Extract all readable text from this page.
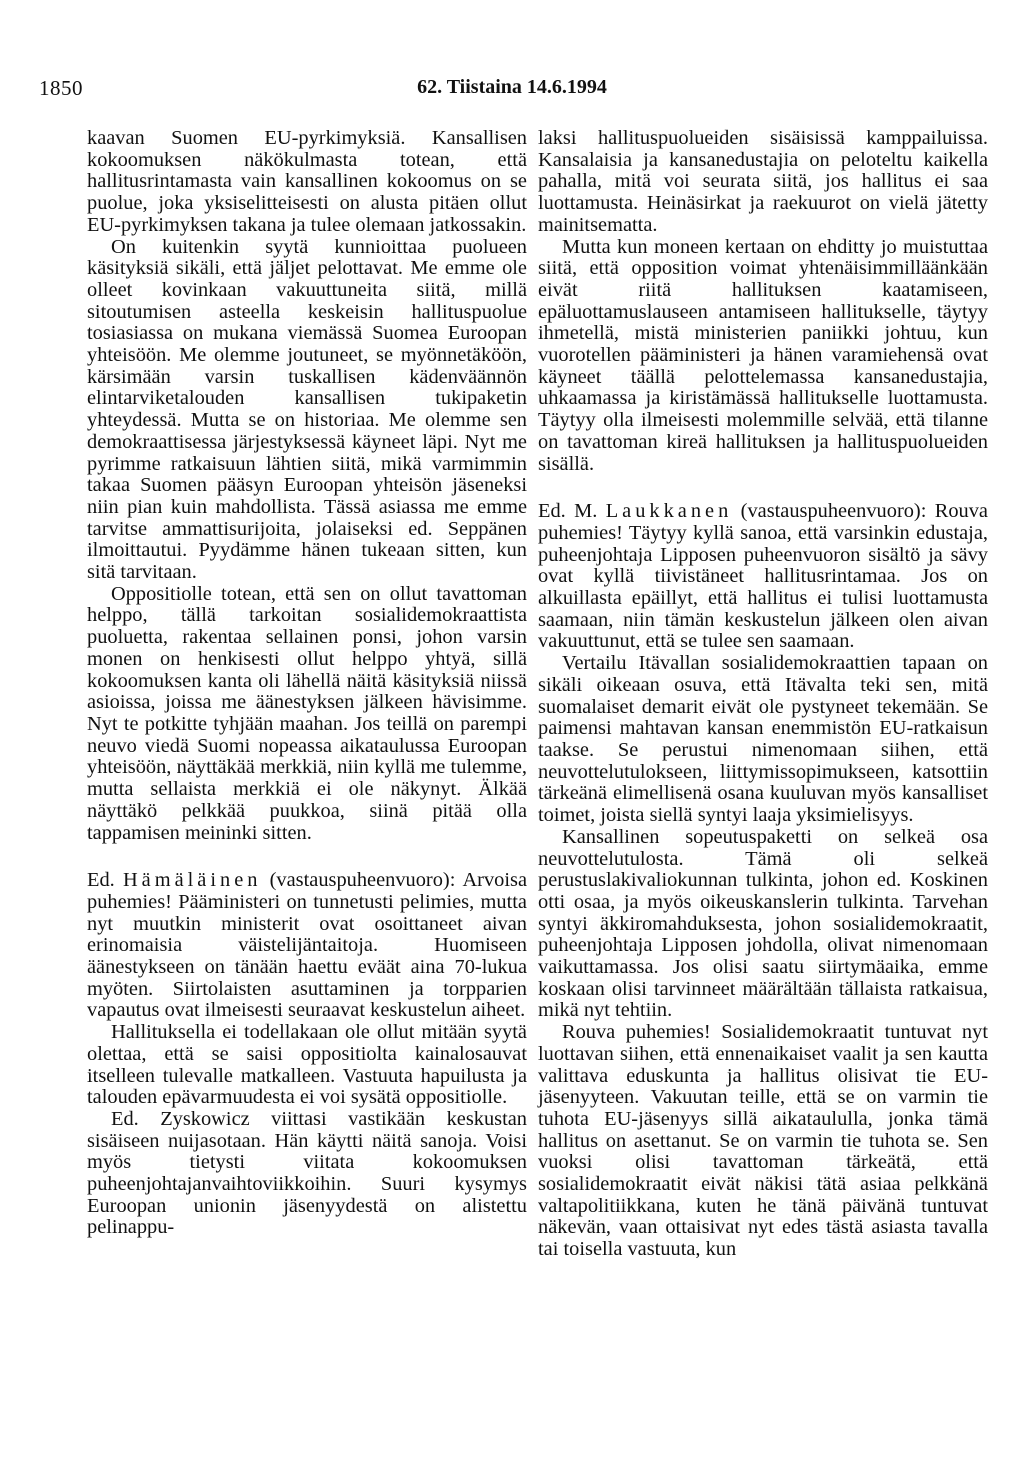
1850	62. Tiistaina 14.6.1994

kaavan Suomen EU-pyrkimyksiä. Kansallisen kokoomuksen näkökulmasta totean, että hallitusrintamasta vain kansallinen kokoomus on se puolue, joka yksiselitteisesti on alusta pitäen ollut EU-pyrkimyksen takana ja tulee olemaan jatkossakin.

On kuitenkin syytä kunnioittaa puolueen käsityksiä sikäli, että jäljet pelottavat. Me emme ole olleet kovinkaan vakuuttuneita siitä, millä sitoutumisen asteella keskeisin hallituspuolue tosiasiassa on mukana viemässä Suomea Euroopan yhteisöön. Me olemme joutuneet, se myönnetäköön, kärsimään varsin tuskallisen kädenväännön elintarviketalouden kansallisen tukipaketin yhteydessä. Mutta se on historiaa. Me olemme sen demokraattisessa järjestyksessä käyneet läpi. Nyt me pyrimme ratkaisuun lähtien siitä, mikä varmimmin takaa Suomen pääsyn Euroopan yhteisön jäseneksi niin pian kuin mahdollista. Tässä asiassa me emme tarvitse ammattisurijoita, jolaiseksi ed. Seppänen ilmoittautui. Pyydämme hänen tukeaan sitten, kun sitä tarvitaan.

Oppositiolle totean, että sen on ollut tavattoman helppo, tällä tarkoitan sosialidemokraattista puoluetta, rakentaa sellainen ponsi, johon varsin monen on henkisesti ollut helppo yhtyä, sillä kokoomuksen kanta oli lähellä näitä käsityksiä niissä asioissa, joissa me äänestyksen jälkeen hävisimme. Nyt te potkitte tyhjään maahan. Jos teillä on parempi neuvo viedä Suomi nopeassa aikataulussa Euroopan yhteisöön, näyttäkää merkkiä, niin kyllä me tulemme, mutta sellaista merkkiä ei ole näkynyt. Älkää näyttäkö pelkkää puukkoa, siinä pitää olla tappamisen meininki sitten.

Ed. Hämäläinen (vastauspuheenvuoro): Arvoisa puhemies! Pääministeri on tunnetusti pelimies, mutta nyt muutkin ministerit ovat osoittaneet aivan erinomaisia väistelijäntaitoja. Huomiseen äänestykseen on tänään haettu eväät aina 70-lukua myöten. Siirtolaisten asuttaminen ja torpparien vapautus ovat ilmeisesti seuraavat keskustelun aiheet.

Hallituksella ei todellakaan ole ollut mitään syytä olettaa, että se saisi oppositiolta kainalosauvat itselleen tulevalle matkalleen. Vastuuta hapuilusta ja talouden epävarmuudesta ei voi sysätä oppositiolle.

Ed. Zyskowicz viittasi vastikään keskustan sisäiseen nuijasotaan. Hän käytti näitä sanoja. Voisi myös tietysti viitata kokoomuksen puheenjohtajanvaihtoviikkoihin. Suuri kysymys Euroopan unionin jäsenyydestä on alistettu pelinappu-

laksi hallituspuolueiden sisäisissä kamppailuissa. Kansalaisia ja kansanedustajia on peloteltu kaikella pahalla, mitä voi seurata siitä, jos hallitus ei saa luottamusta. Heinäsirkat ja raekuurot on vielä jätetty mainitsematta.

Mutta kun moneen kertaan on ehditty jo muistuttaa siitä, että opposition voimat yhtenäisimmilläänkään eivät riitä hallituksen kaatamiseen, epäluottamuslauseen antamiseen hallitukselle, täytyy ihmetellä, mistä ministerien paniikki johtuu, kun vuorotellen pääministeri ja hänen varamiehensä ovat käyneet täällä pelottelemassa kansanedustajia, uhkaamassa ja kiristämässä hallitukselle luottamusta. Täytyy olla ilmeisesti molemmille selvää, että tilanne on tavattoman kireä hallituksen ja hallituspuolueiden sisällä.

Ed. M. Laukkanen (vastauspuheenvuoro): Rouva puhemies! Täytyy kyllä sanoa, että varsinkin edustaja, puheenjohtaja Lipposen puheenvuoron sisältö ja sävy ovat kyllä tiivistäneet hallitusrintamaa. Jos on alkuillasta epäillyt, että hallitus ei tulisi luottamusta saamaan, niin tämän keskustelun jälkeen olen aivan vakuuttunut, että se tulee sen saamaan.

Vertailu Itävallan sosialidemokraattien tapaan on sikäli oikeaan osuva, että Itävalta teki sen, mitä suomalaiset demarit eivät ole pystyneet tekemään. Se paimensi mahtavan kansan enemmistön EU-ratkaisun taakse. Se perustui nimenomaan siihen, että neuvottelutulokseen, liittymissopimukseen, katsottiin tärkeänä elimellisenä osana kuuluvan myös kansalliset toimet, joista siellä syntyi laaja yksimielisyys.

Kansallinen sopeutuspaketti on selkeä osa neuvottelutulosta. Tämä oli selkeä perustuslakivaliokunnan tulkinta, johon ed. Koskinen otti osaa, ja myös oikeuskanslerin tulkinta. Tarvehan syntyi äkkiromahduksesta, johon sosialidemokraatit, puheenjohtaja Lipposen johdolla, olivat nimenomaan vaikuttamassa. Jos olisi saatu siirtymäaika, emme koskaan olisi tarvinneet määrältään tällaista ratkaisua, mikä nyt tehtiin.

Rouva puhemies! Sosialidemokraatit tuntuvat nyt luottavan siihen, että ennenaikaiset vaalit ja sen kautta valittava eduskunta ja hallitus olisivat tie EU-jäsenyyteen. Vakuutan teille, että se on varmin tie tuhota EU-jäsenyys sillä aikataululla, jonka tämä hallitus on asettanut. Se on varmin tie tuhota se. Sen vuoksi olisi tavattoman tärkeätä, että sosialidemokraatit eivät näkisi tätä asiaa pelkkänä valtapolitiikkana, kuten he tänä päivänä tuntuvat näkevän, vaan ottaisivat nyt edes tästä asiasta tavalla tai toisella vastuuta, kun
